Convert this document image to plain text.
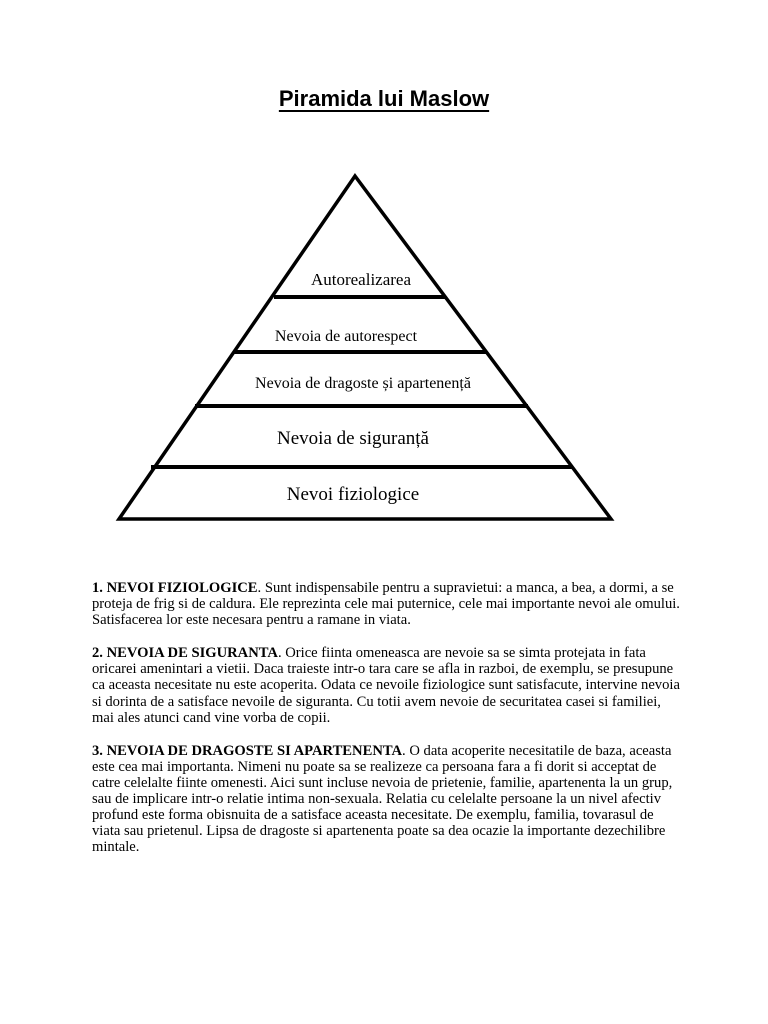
Piramida lui Maslow
Autorealizarea
Nevoia de autorespect
Nevoia de dragoste și apartenență
Nevoia de siguranță
Nevoi fiziologice

1. NEVOI FIZIOLOGICE. Sunt indispensabile pentru a supravietui: a manca, a bea, a dormi, a se proteja de frig si de caldura. Ele reprezinta cele mai puternice, cele mai importante nevoi ale omului. Satisfacerea lor este necesara pentru a ramane in viata.

2. NEVOIA DE SIGURANTA. Orice fiinta omeneasca are nevoie sa se simta protejata in fata oricarei amenintari a vietii. Daca traieste intr-o tara care se afla in razboi, de exemplu, se presupune ca aceasta necesitate nu este acoperita. Odata ce nevoile fiziologice sunt satisfacute, intervine nevoia si dorinta de a satisface nevoile de siguranta. Cu totii avem nevoie de securitatea casei si familiei, mai ales atunci cand vine vorba de copii.

3. NEVOIA DE DRAGOSTE SI APARTENENTA. O data acoperite necesitatile de baza, aceasta este cea mai importanta. Nimeni nu poate sa se realizeze ca persoana fara a fi dorit si acceptat de catre celelalte fiinte omenesti. Aici sunt incluse nevoia de prietenie, familie, apartenenta la un grup, sau de implicare intr-o relatie intima non-sexuala. Relatia cu celelalte persoane la un nivel afectiv profund este forma obisnuita de a satisface aceasta necesitate. De exemplu, familia, tovarasul de viata sau prietenul. Lipsa de dragoste si apartenenta poate sa dea ocazie la importante dezechilibre mintale.
